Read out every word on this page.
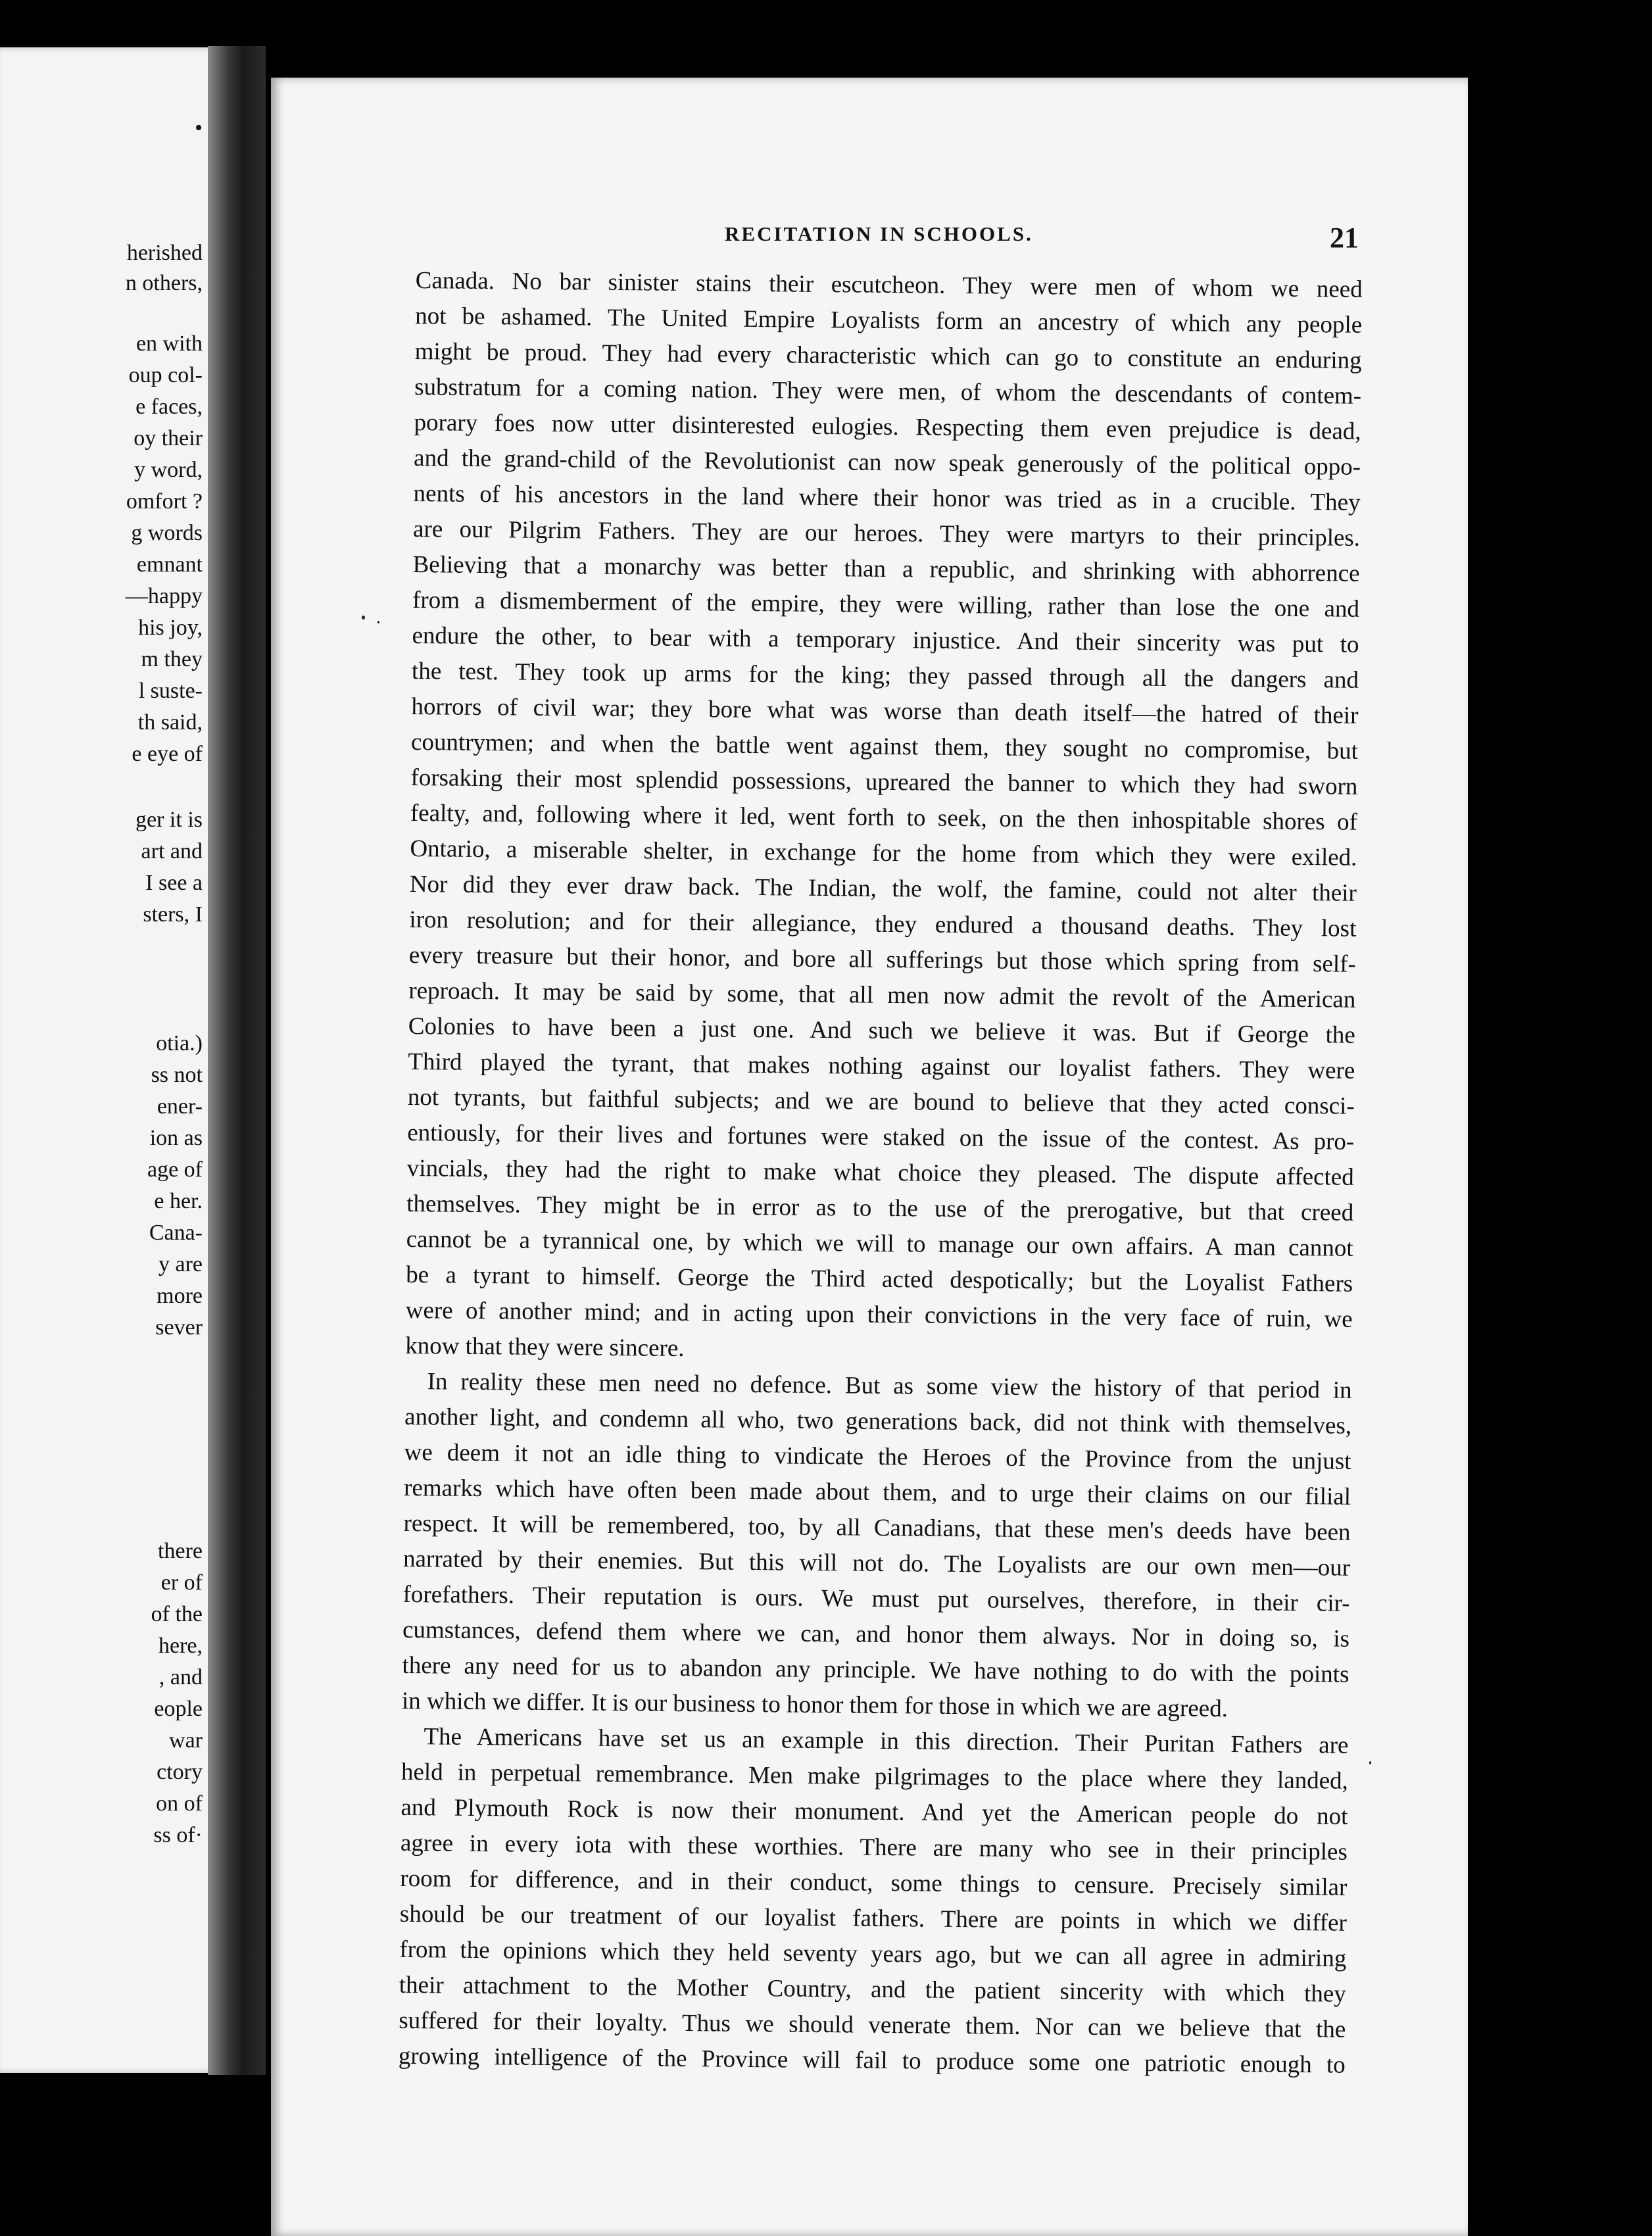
•
herished
n others,
en with
oup col-
e faces,
oy their
y word,
omfort ?
g words
emnant
—happy
his joy,
m they
l suste-
th said,
e eye of
ger it is
art and
I see a
sters, I
otia.)
ss not
ener-
ion as
age of
e her.
Cana-
y are
more
sever
there
er of
of the
here,
, and
eople
war
ctory
on of
ss of·
RECITATION IN SCHOOLS.	21
Canada. No bar sinister stains their escutcheon. They were men of whom we need
not be ashamed. The United Empire Loyalists form an ancestry of which any people
might be proud. They had every characteristic which can go to constitute an enduring
substratum for a coming nation. They were men, of whom the descendants of contem-
porary foes now utter disinterested eulogies. Respecting them even prejudice is dead,
and the grand-child of the Revolutionist can now speak generously of the political oppo-
nents of his ancestors in the land where their honor was tried as in a crucible. They
are our Pilgrim Fathers. They are our heroes. They were martyrs to their principles.
Believing that a monarchy was better than a republic, and shrinking with abhorrence
from a dismemberment of the empire, they were willing, rather than lose the one and
endure the other, to bear with a temporary injustice. And their sincerity was put to
the test. They took up arms for the king; they passed through all the dangers and
horrors of civil war; they bore what was worse than death itself—the hatred of their
countrymen; and when the battle went against them, they sought no compromise, but
forsaking their most splendid possessions, upreared the banner to which they had sworn
fealty, and, following where it led, went forth to seek, on the then inhospitable shores of
Ontario, a miserable shelter, in exchange for the home from which they were exiled.
Nor did they ever draw back. The Indian, the wolf, the famine, could not alter their
iron resolution; and for their allegiance, they endured a thousand deaths. They lost
every treasure but their honor, and bore all sufferings but those which spring from self-
reproach. It may be said by some, that all men now admit the revolt of the American
Colonies to have been a just one. And such we believe it was. But if George the
Third played the tyrant, that makes nothing against our loyalist fathers. They were
not tyrants, but faithful subjects; and we are bound to believe that they acted consci-
entiously, for their lives and fortunes were staked on the issue of the contest. As pro-
vincials, they had the right to make what choice they pleased. The dispute affected
themselves. They might be in error as to the use of the prerogative, but that creed
cannot be a tyrannical one, by which we will to manage our own affairs. A man cannot
be a tyrant to himself. George the Third acted despotically; but the Loyalist Fathers
were of another mind; and in acting upon their convictions in the very face of ruin, we
know that they were sincere.
In reality these men need no defence. But as some view the history of that period in
another light, and condemn all who, two generations back, did not think with themselves,
we deem it not an idle thing to vindicate the Heroes of the Province from the unjust
remarks which have often been made about them, and to urge their claims on our filial
respect. It will be remembered, too, by all Canadians, that these men's deeds have been
narrated by their enemies. But this will not do. The Loyalists are our own men—our
forefathers. Their reputation is ours. We must put ourselves, therefore, in their cir-
cumstances, defend them where we can, and honor them always. Nor in doing so, is
there any need for us to abandon any principle. We have nothing to do with the points
in which we differ. It is our business to honor them for those in which we are agreed.
The Americans have set us an example in this direction. Their Puritan Fathers are
held in perpetual remembrance. Men make pilgrimages to the place where they landed,
and Plymouth Rock is now their monument. And yet the American people do not
agree in every iota with these worthies. There are many who see in their principles
room for difference, and in their conduct, some things to censure. Precisely similar
should be our treatment of our loyalist fathers. There are points in which we differ
from the opinions which they held seventy years ago, but we can all agree in admiring
their attachment to the Mother Country, and the patient sincerity with which they
suffered for their loyalty. Thus we should venerate them. Nor can we believe that the
growing intelligence of the Province will fail to produce some one patriotic enough to
